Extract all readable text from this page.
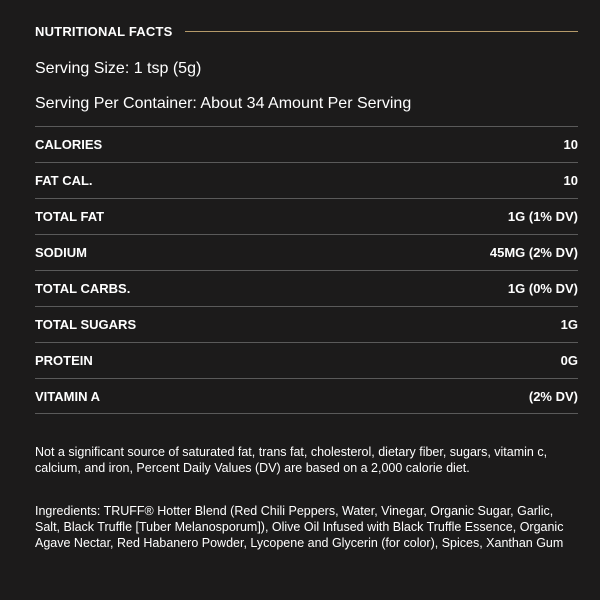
NUTRITIONAL FACTS
Serving Size: 1 tsp (5g)
Serving Per Container: About 34 Amount Per Serving
CALORIES	10
FAT CAL.	10
TOTAL FAT	1G (1% DV)
SODIUM	45MG (2% DV)
TOTAL CARBS.	1G (0% DV)
TOTAL SUGARS	1G
PROTEIN	0G
VITAMIN A	(2% DV)
Not a significant source of saturated fat, trans fat, cholesterol, dietary fiber, sugars, vitamin c, calcium, and iron, Percent Daily Values (DV) are based on a 2,000 calorie diet.
Ingredients: TRUFF® Hotter Blend (Red Chili Peppers, Water, Vinegar, Organic Sugar, Garlic, Salt, Black Truffle [Tuber Melanosporum]), Olive Oil Infused with Black Truffle Essence, Organic Agave Nectar, Red Habanero Powder, Lycopene and Glycerin (for color), Spices, Xanthan Gum
